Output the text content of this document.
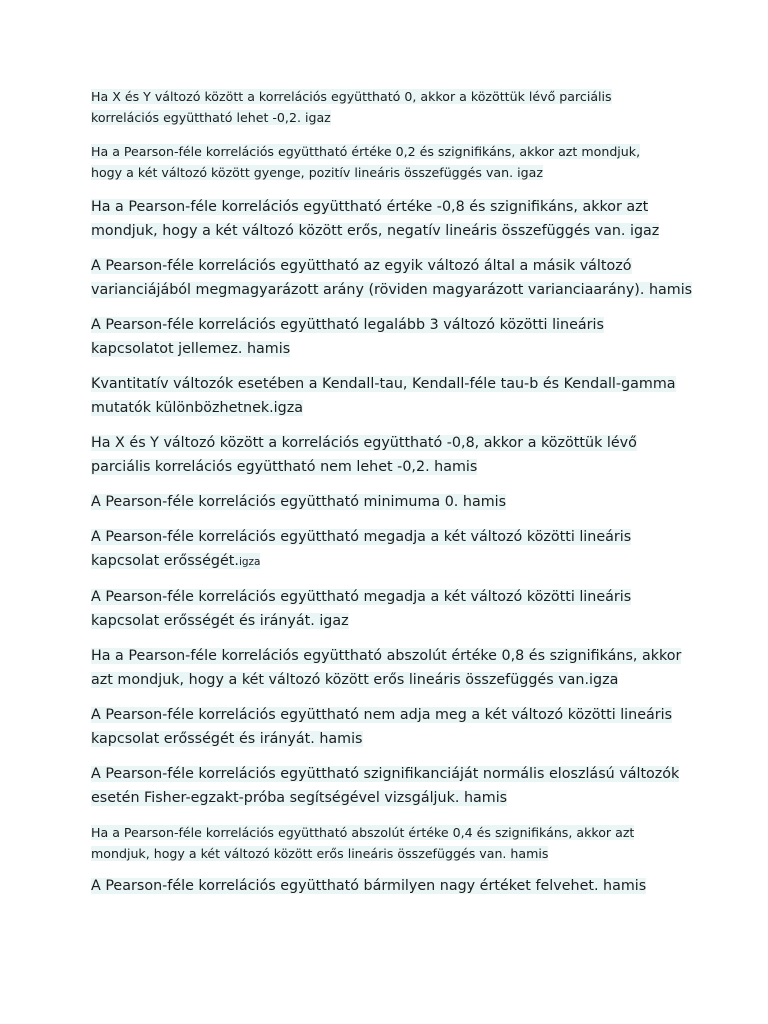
Ha X és Y változó között a korrelációs együttható 0, akkor a közöttük lévő parciális
korrelációs együttható lehet -0,2. igaz

Ha a Pearson-féle korrelációs együttható értéke 0,2 és szignifikáns, akkor azt mondjuk,
hogy a két változó között gyenge, pozitív lineáris összefüggés van. igaz

Ha a Pearson-féle korrelációs együttható értéke -0,8 és szignifikáns, akkor azt
mondjuk, hogy a két változó között erős, negatív lineáris összefüggés van. igaz

A Pearson-féle korrelációs együttható az egyik változó által a másik változó
varianciájából megmagyarázott arány (röviden magyarázott varianciaarány). hamis

A Pearson-féle korrelációs együttható legalább 3 változó közötti lineáris
kapcsolatot jellemez. hamis

Kvantitatív változók esetében a Kendall-tau, Kendall-féle tau-b és Kendall-gamma
mutatók különbözhetnek.igza

Ha X és Y változó között a korrelációs együttható -0,8, akkor a közöttük lévő
parciális korrelációs együttható nem lehet -0,2. hamis

A Pearson-féle korrelációs együttható minimuma 0. hamis

A Pearson-féle korrelációs együttható megadja a két változó közötti lineáris
kapcsolat erősségét.igza

A Pearson-féle korrelációs együttható megadja a két változó közötti lineáris
kapcsolat erősségét és irányát. igaz

Ha a Pearson-féle korrelációs együttható abszolút értéke 0,8 és szignifikáns, akkor
azt mondjuk, hogy a két változó között erős lineáris összefüggés van.igza

A Pearson-féle korrelációs együttható nem adja meg a két változó közötti lineáris
kapcsolat erősségét és irányát. hamis

A Pearson-féle korrelációs együttható szignifikanciáját normális eloszlású változók
esetén Fisher-egzakt-próba segítségével vizsgáljuk. hamis

Ha a Pearson-féle korrelációs együttható abszolút értéke 0,4 és szignifikáns, akkor azt
mondjuk, hogy a két változó között erős lineáris összefüggés van. hamis

A Pearson-féle korrelációs együttható bármilyen nagy értéket felvehet. hamis
